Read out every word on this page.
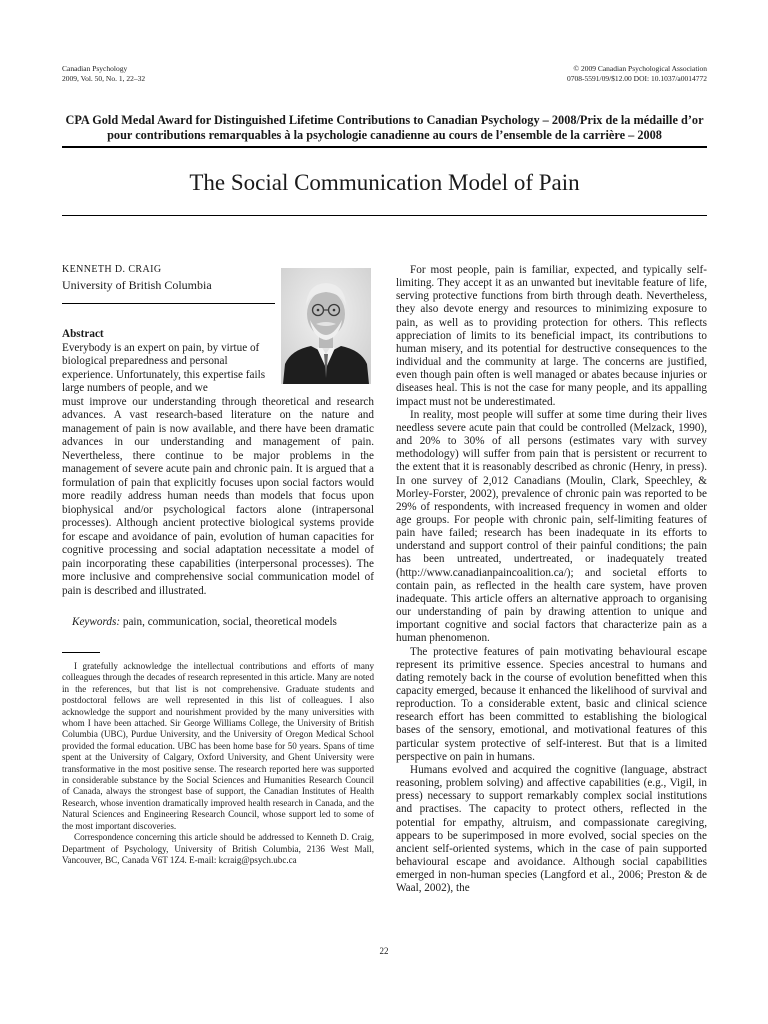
Canadian Psychology
2009, Vol. 50, No. 1, 22–32
© 2009 Canadian Psychological Association
0708-5591/09/$12.00 DOI: 10.1037/a0014772
CPA Gold Medal Award for Distinguished Lifetime Contributions to Canadian Psychology – 2008/Prix de la médaille d’or pour contributions remarquables à la psychologie canadienne au cours de l’ensemble de la carrière – 2008
The Social Communication Model of Pain
KENNETH D. CRAIG
University of British Columbia
Abstract
Everybody is an expert on pain, by virtue of biological preparedness and personal experience. Unfortunately, this expertise fails large numbers of people, and we
must improve our understanding through theoretical and research advances. A vast research-based literature on the nature and management of pain is now available, and there have been dramatic advances in our understanding and management of pain. Nevertheless, there continue to be major problems in the management of severe acute pain and chronic pain. It is argued that a formulation of pain that explicitly focuses upon social factors would more readily address human needs than models that focus upon biophysical and/or psychological factors alone (intrapersonal processes). Although ancient protective biological systems provide for escape and avoidance of pain, evolution of human capacities for cognitive processing and social adaptation necessitate a model of pain incorporating these capabilities (interpersonal processes). The more inclusive and comprehensive social communication model of pain is described and illustrated.
Keywords: pain, communication, social, theoretical models

I gratefully acknowledge the intellectual contributions and efforts of many colleagues through the decades of research represented in this article. Many are noted in the references, but that list is not comprehensive. Graduate students and postdoctoral fellows are well represented in this list of colleagues. I also acknowledge the support and nourishment provided by the many universities with whom I have been attached. Sir George Williams College, the University of British Columbia (UBC), Purdue University, and the University of Oregon Medical School provided the formal education. UBC has been home base for 50 years. Spans of time spent at the University of Calgary, Oxford University, and Ghent University were transformative in the most positive sense. The research reported here was supported in considerable substance by the Social Sciences and Humanities Research Council of Canada, always the strongest base of support, the Canadian Institutes of Health Research, whose invention dramatically improved health research in Canada, and the Natural Sciences and Engineering Research Council, whose support led to some of the most important discoveries.

Correspondence concerning this article should be addressed to Kenneth D. Craig, Department of Psychology, University of British Columbia, 2136 West Mall, Vancouver, BC, Canada V6T 1Z4. E-mail: kcraig@psych.ubc.ca

For most people, pain is familiar, expected, and typically self-limiting. They accept it as an unwanted but inevitable feature of life, serving protective functions from birth through death. Nevertheless, they also devote energy and resources to minimizing exposure to pain, as well as to providing protection for others. This reflects appreciation of limits to its beneficial impact, its contributions to human misery, and its potential for destructive consequences to the individual and the community at large. The concerns are justified, even though pain often is well managed or abates because injuries or diseases heal. This is not the case for many people, and its appalling impact must not be underestimated.

In reality, most people will suffer at some time during their lives needless severe acute pain that could be controlled (Melzack, 1990), and 20% to 30% of all persons (estimates vary with survey methodology) will suffer from pain that is persistent or recurrent to the extent that it is reasonably described as chronic (Henry, in press). In one survey of 2,012 Canadians (Moulin, Clark, Speechley, & Morley-Forster, 2002), prevalence of chronic pain was reported to be 29% of respondents, with increased frequency in women and older age groups. For people with chronic pain, self-limiting features of pain have failed; research has been inadequate in its efforts to understand and support control of their painful conditions; the pain has been untreated, undertreated, or inadequately treated (http://www.canadianpaincoalition.ca/); and societal efforts to contain pain, as reflected in the health care system, have proven inadequate. This article offers an alternative approach to organising our understanding of pain by drawing attention to unique and important cognitive and social factors that characterize pain as a human phenomenon.

The protective features of pain motivating behavioural escape represent its primitive essence. Species ancestral to humans and dating remotely back in the course of evolution benefitted when this capacity emerged, because it enhanced the likelihood of survival and reproduction. To a considerable extent, basic and clinical science research effort has been committed to establishing the biological bases of the sensory, emotional, and motivational features of this particular system protective of self-interest. But that is a limited perspective on pain in humans.

Humans evolved and acquired the cognitive (language, abstract reasoning, problem solving) and affective capabilities (e.g., Vigil, in press) necessary to support remarkably complex social institutions and practises. The capacity to protect others, reflected in the potential for empathy, altruism, and compassionate caregiving, appears to be superimposed in more evolved, social species on the ancient self-oriented systems, which in the case of pain supported behavioural escape and avoidance. Although social capabilities emerged in non-human species (Langford et al., 2006; Preston & de Waal, 2002), the

22
